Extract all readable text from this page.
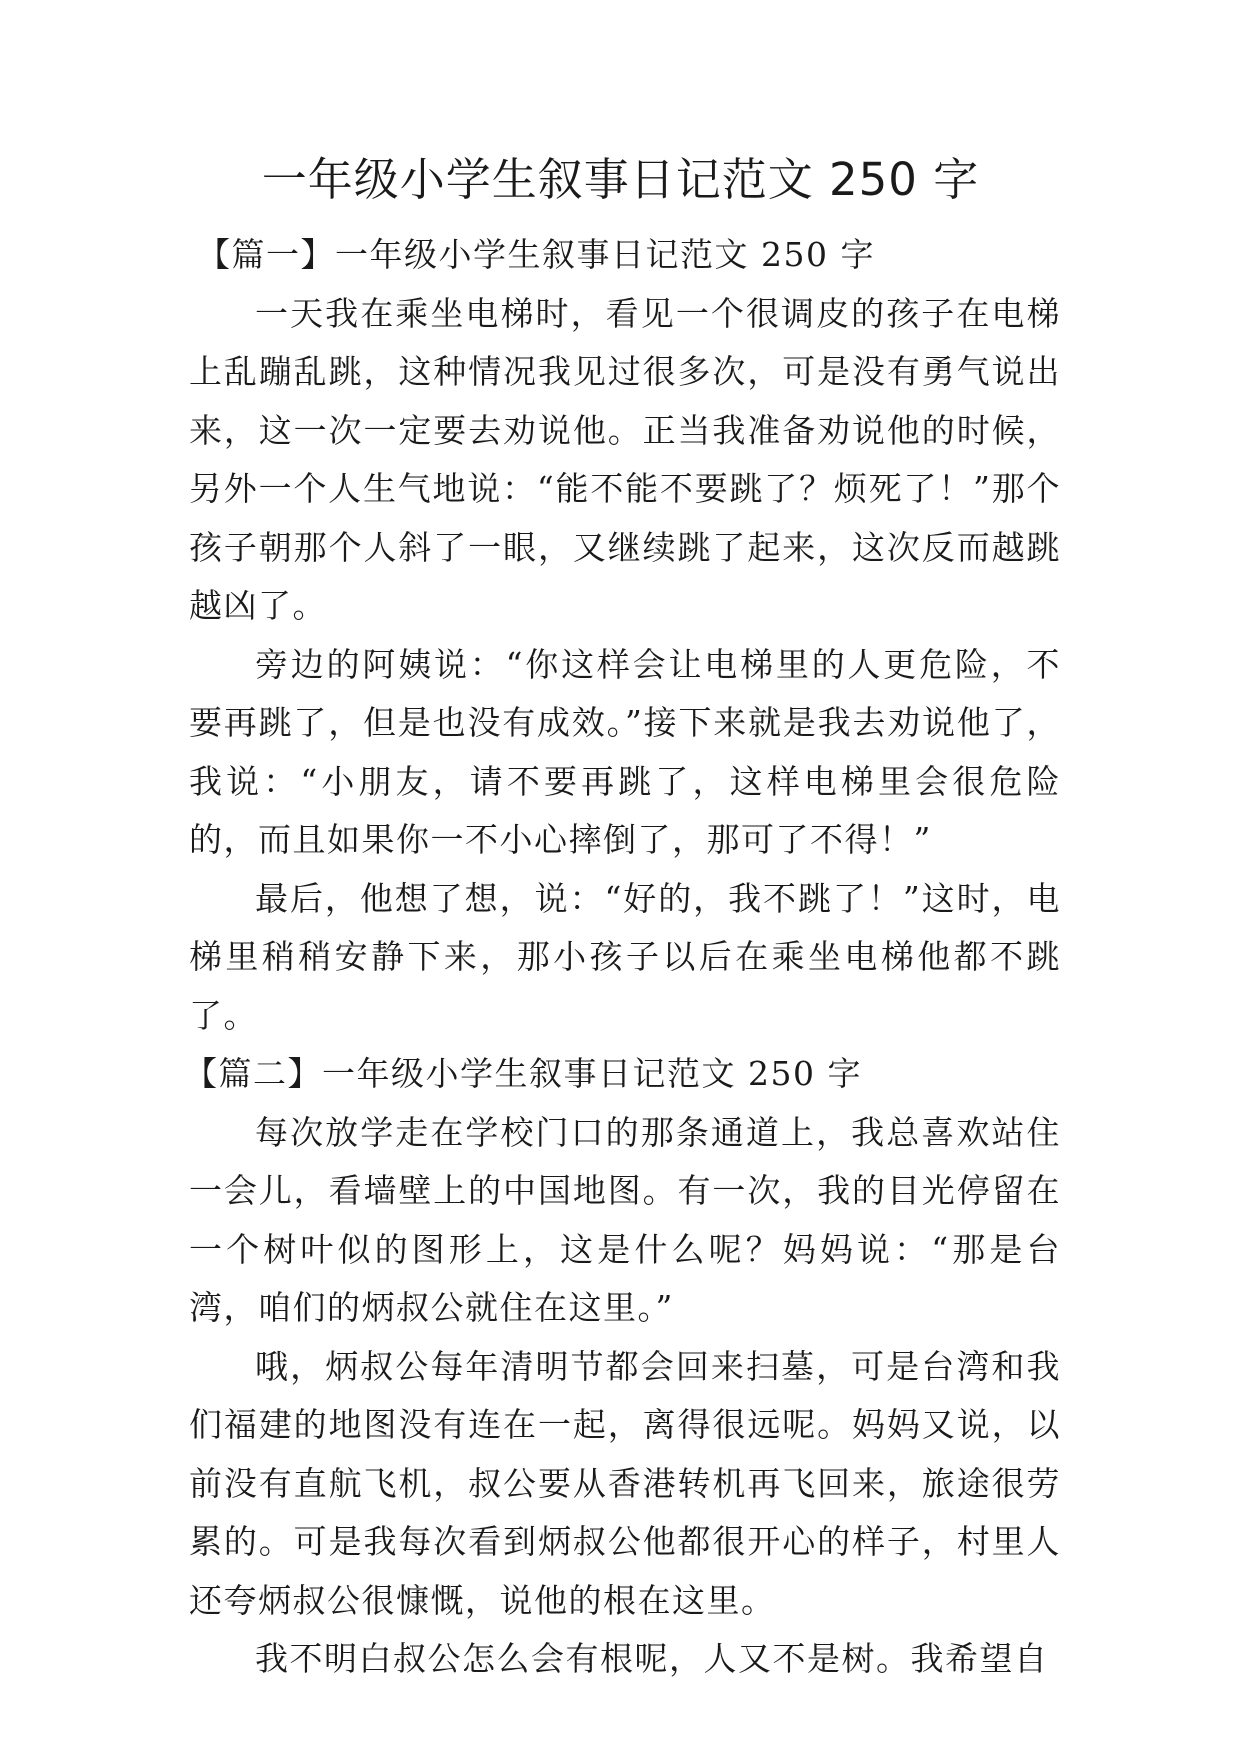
一年级小学生叙事日记范文 250 字
【篇一】一年级小学生叙事日记范文 250 字

一天我在乘坐电梯时，看见一个很调皮的孩子在电梯上乱蹦乱跳，这种情况我见过很多次，可是没有勇气说出来，这一次一定要去劝说他。正当我准备劝说他的时候，另外一个人生气地说：“能不能不要跳了？烦死了！”那个孩子朝那个人斜了一眼，又继续跳了起来，这次反而越跳越凶了。

旁边的阿姨说：“你这样会让电梯里的人更危险，不要再跳了，但是也没有成效。”接下来就是我去劝说他了，我说：“小朋友，请不要再跳了，这样电梯里会很危险的，而且如果你一不小心摔倒了，那可了不得！”

最后，他想了想，说：“好的，我不跳了！”这时，电梯里稍稍安静下来，那小孩子以后在乘坐电梯他都不跳了。

【篇二】一年级小学生叙事日记范文 250 字

每次放学走在学校门口的那条通道上，我总喜欢站住一会儿，看墙壁上的中国地图。有一次，我的目光停留在一个树叶似的图形上，这是什么呢？妈妈说：“那是台湾，咱们的炳叔公就住在这里。”

哦，炳叔公每年清明节都会回来扫墓，可是台湾和我们福建的地图没有连在一起，离得很远呢。妈妈又说，以前没有直航飞机，叔公要从香港转机再飞回来，旅途很劳累的。可是我每次看到炳叔公他都很开心的样子，村里人还夸炳叔公很慷慨，说他的根在这里。

我不明白叔公怎么会有根呢，人又不是树。我希望自
